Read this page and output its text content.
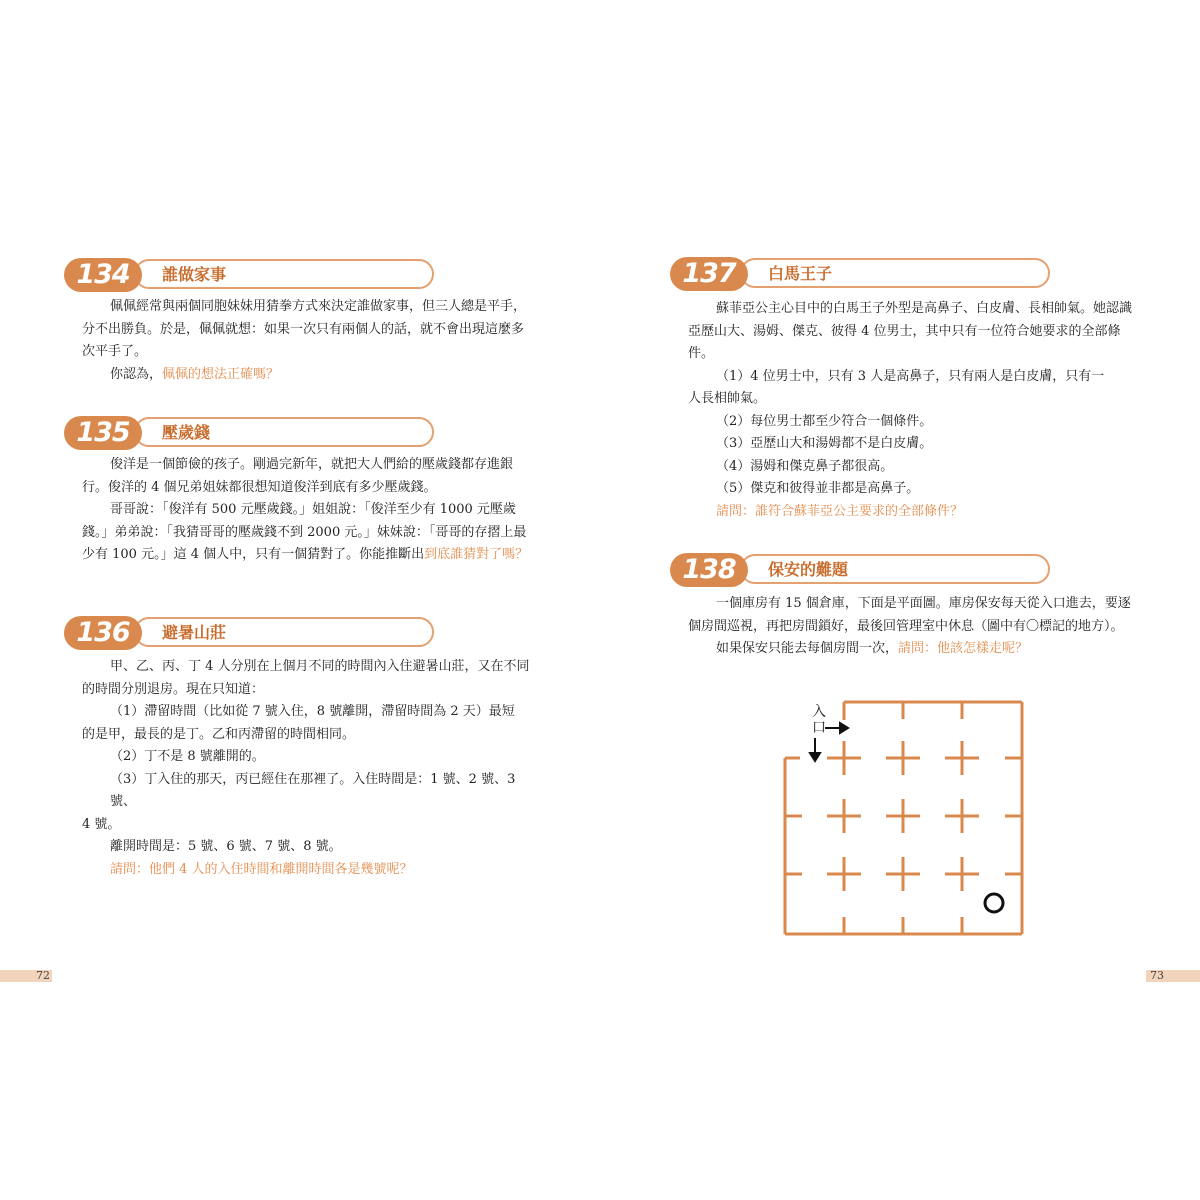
134	誰做家事

佩佩經常與兩個同胞妹妹用猜拳方式來決定誰做家事，但三人總是平手，分不出勝負。於是，佩佩就想：如果一次只有兩個人的話，就不會出現這麼多次平手了。

你認為，佩佩的想法正確嗎？

135	壓歲錢

俊洋是一個節儉的孩子。剛過完新年，就把大人們給的壓歲錢都存進銀行。俊洋的 4 個兄弟姐妹都很想知道俊洋到底有多少壓歲錢。

哥哥說：「俊洋有 500 元壓歲錢。」姐姐說：「俊洋至少有 1000 元壓歲錢。」弟弟說：「我猜哥哥的壓歲錢不到 2000 元。」妹妹說：「哥哥的存摺上最少有 100 元。」這 4 個人中，只有一個猜對了。你能推斷出到底誰猜對了嗎？

136	避暑山莊

甲、乙、丙、丁 4 人分別在上個月不同的時間內入住避暑山莊，又在不同的時間分別退房。現在只知道：

（1）滯留時間（比如從 7 號入住，8 號離開，滯留時間為 2 天）最短

的是甲，最長的是丁。乙和丙滯留的時間相同。

（2）丁不是 8 號離開的。

（3）丁入住的那天，丙已經住在那裡了。入住時間是：1 號、2 號、3 號、

4 號。

離開時間是：5 號、6 號、7 號、8 號。

請問：他們 4 人的入住時間和離開時間各是幾號呢？

137	白馬王子

蘇菲亞公主心目中的白馬王子外型是高鼻子、白皮膚、長相帥氣。她認識亞歷山大、湯姆、傑克、彼得 4 位男士，其中只有一位符合她要求的全部條件。

（1）4 位男士中，只有 3 人是高鼻子，只有兩人是白皮膚，只有一

人長相帥氣。

（2）每位男士都至少符合一個條件。

（3）亞歷山大和湯姆都不是白皮膚。

（4）湯姆和傑克鼻子都很高。

（5）傑克和彼得並非都是高鼻子。

請問：誰符合蘇菲亞公主要求的全部條件？

138	保安的難題

一個庫房有 15 個倉庫，下面是平面圖。庫房保安每天從入口進去，要逐個房間巡視，再把房間鎖好，最後回管理室中休息（圖中有〇標記的地方）。

如果保安只能去每個房間一次，請問：他該怎樣走呢？

入
口
72	73
